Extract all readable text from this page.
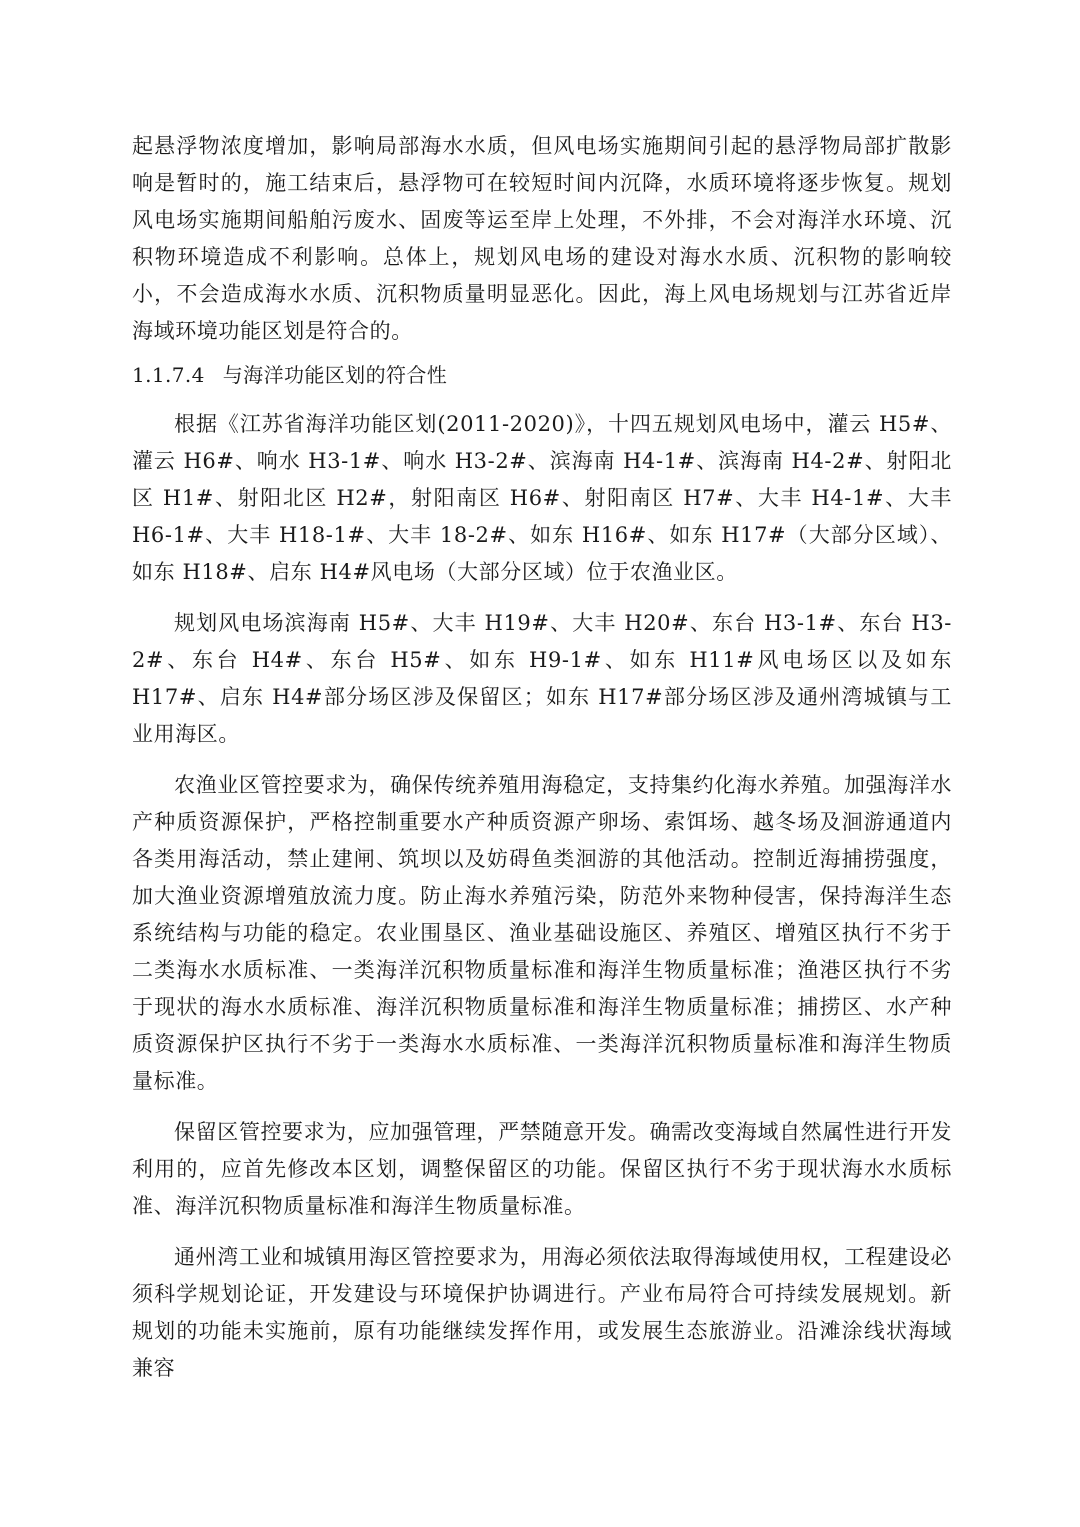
起悬浮物浓度增加，影响局部海水水质，但风电场实施期间引起的悬浮物局部扩散影响是暂时的，施工结束后，悬浮物可在较短时间内沉降，水质环境将逐步恢复。规划风电场实施期间船舶污废水、固废等运至岸上处理，不外排，不会对海洋水环境、沉积物环境造成不利影响。总体上，规划风电场的建设对海水水质、沉积物的影响较小，不会造成海水水质、沉积物质量明显恶化。因此，海上风电场规划与江苏省近岸海域环境功能区划是符合的。

1.1.7.4 与海洋功能区划的符合性

根据《江苏省海洋功能区划(2011-2020)》，十四五规划风电场中，灌云 H5#、灌云 H6#、响水 H3-1#、响水 H3-2#、滨海南 H4-1#、滨海南 H4-2#、射阳北区 H1#、射阳北区 H2#，射阳南区 H6#、射阳南区 H7#、大丰 H4-1#、大丰 H6-1#、大丰 H18-1#、大丰 18-2#、如东 H16#、如东 H17#（大部分区域）、如东 H18#、启东 H4#风电场（大部分区域）位于农渔业区。

规划风电场滨海南 H5#、大丰 H19#、大丰 H20#、东台 H3-1#、东台 H3-2#、东台 H4#、东台 H5#、如东 H9-1#、如东 H11#风电场区以及如东 H17#、启东 H4#部分场区涉及保留区；如东 H17#部分场区涉及通州湾城镇与工业用海区。

农渔业区管控要求为，确保传统养殖用海稳定，支持集约化海水养殖。加强海洋水产种质资源保护，严格控制重要水产种质资源产卵场、索饵场、越冬场及洄游通道内各类用海活动，禁止建闸、筑坝以及妨碍鱼类洄游的其他活动。控制近海捕捞强度，加大渔业资源增殖放流力度。防止海水养殖污染，防范外来物种侵害，保持海洋生态系统结构与功能的稳定。农业围垦区、渔业基础设施区、养殖区、增殖区执行不劣于二类海水水质标准、一类海洋沉积物质量标准和海洋生物质量标准；渔港区执行不劣于现状的海水水质标准、海洋沉积物质量标准和海洋生物质量标准；捕捞区、水产种质资源保护区执行不劣于一类海水水质标准、一类海洋沉积物质量标准和海洋生物质量标准。

保留区管控要求为，应加强管理，严禁随意开发。确需改变海域自然属性进行开发利用的，应首先修改本区划，调整保留区的功能。保留区执行不劣于现状海水水质标准、海洋沉积物质量标准和海洋生物质量标准。

通州湾工业和城镇用海区管控要求为，用海必须依法取得海域使用权，工程建设必须科学规划论证，开发建设与环境保护协调进行。产业布局符合可持续发展规划。新规划的功能未实施前，原有功能继续发挥作用，或发展生态旅游业。沿滩涂线状海域兼容
